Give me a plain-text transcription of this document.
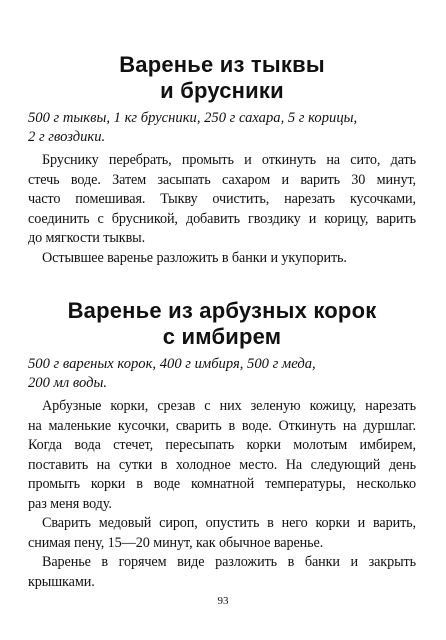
Варенье из тыквы
и брусники

500 г тыквы, 1 кг брусники, 250 г сахара, 5 г корицы,
2 г гвоздики.

Бруснику перебрать, промыть и откинуть на сито, дать
стечь воде. Затем засыпать сахаром и варить 30 минут,
часто помешивая. Тыкву очистить, нарезать кусочками,
соединить с брусникой, добавить гвоздику и корицу, варить
до мягкости тыквы.

Остывшее варенье разложить в банки и укупорить.

Варенье из арбузных корок
с имбирем

500 г вареных корок, 400 г имбиря, 500 г меда,
200 мл воды.

Арбузные корки, срезав с них зеленую кожицу, нарезать
на маленькие кусочки, сварить в воде. Откинуть на дуршлаг.
Когда вода стечет, пересыпать корки молотым имбирем,
поставить на сутки в холодное место. На следующий день
промыть корки в воде комнатной температуры, несколько
раз меня воду.

Сварить медовый сироп, опустить в него корки и варить,
снимая пену, 15—20 минут, как обычное варенье.

Варенье в горячем виде разложить в банки и закрыть
крышками.

93
